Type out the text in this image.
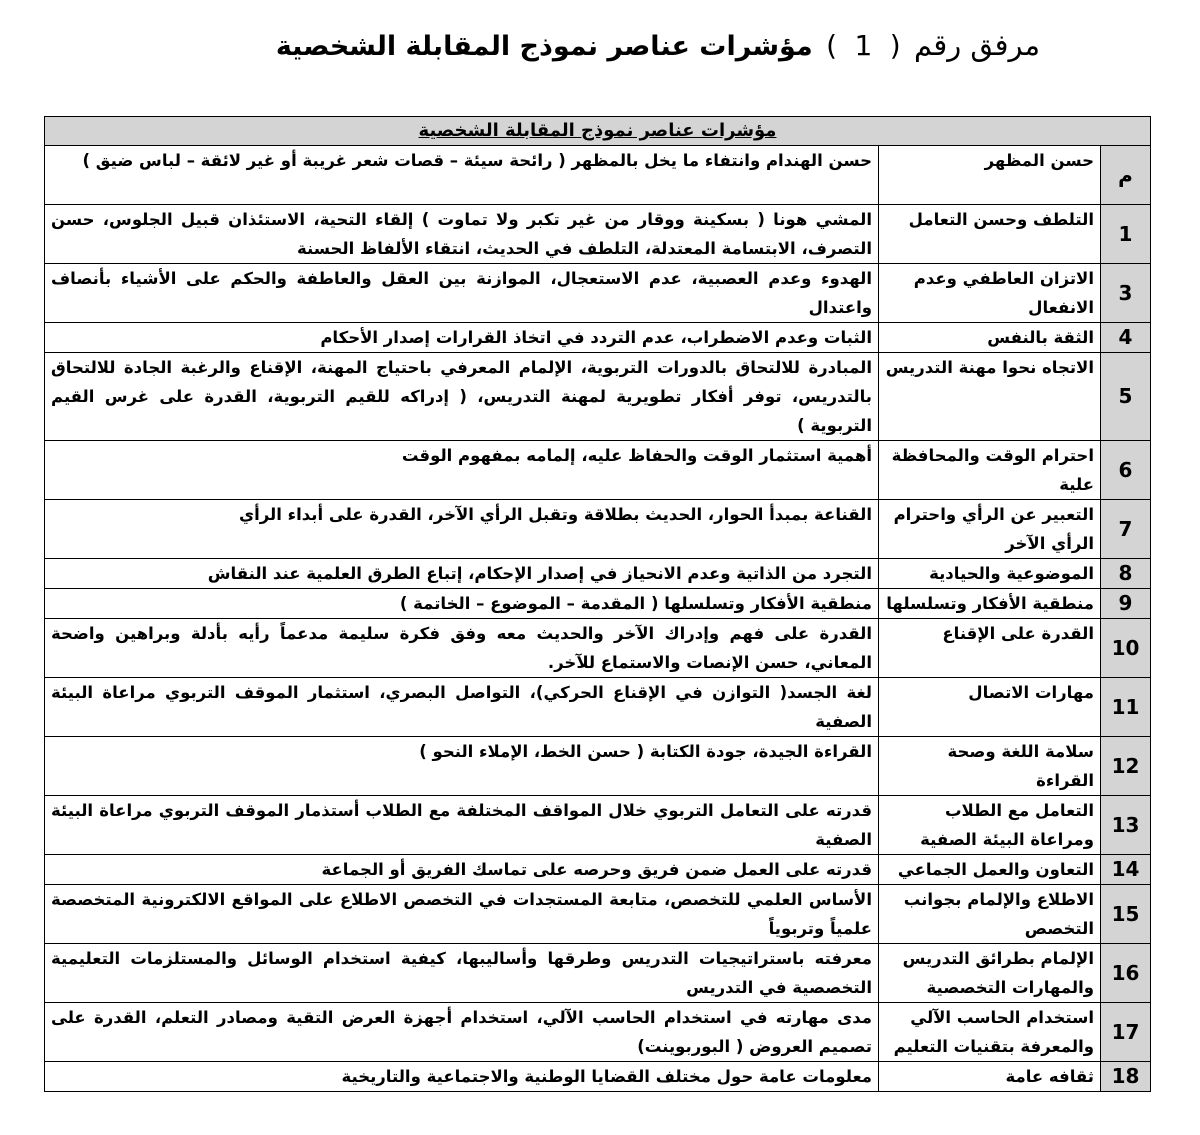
مرفق رقم ( 1 ) مؤشرات عناصر نموذج المقابلة الشخصية
مؤشرات عناصر نموذج المقابلة الشخصية		
م	حسن المظهر	حسن الهندام وانتفاء ما يخل بالمظهر ( رائحة سيئة – قصات شعر غريبة أو غير لائقة – لباس ضيق )
1	التلطف وحسن التعامل	المشي هونا ( بسكينة ووقار من غير تكبر ولا تماوت ) إلقاء التحية، الاستئذان قبيل الجلوس، حسن التصرف، الابتسامة المعتدلة، التلطف في الحديث، انتقاء الألفاظ الحسنة
3	الاتزان العاطفي وعدم الانفعال	الهدوء وعدم العصبية، عدم الاستعجال، الموازنة بين العقل والعاطفة والحكم على الأشياء بأنصاف واعتدال
4	الثقة بالنفس	الثبات وعدم الاضطراب، عدم التردد في اتخاذ القرارات إصدار الأحكام
5	الاتجاه نحوا مهنة التدريس	المبادرة للالتحاق بالدورات التربوية، الإلمام المعرفي باحتياج المهنة، الإقناع والرغبة الجادة للالتحاق بالتدريس، توفر أفكار تطويرية لمهنة التدريس، ( إدراكه للقيم التربوية، القدرة على غرس القيم التربوية )
6	احترام الوقت والمحافظة علية	أهمية استثمار الوقت والحفاظ عليه، إلمامه بمفهوم الوقت
7	التعبير عن الرأي واحترام الرأي الآخر	القناعة بمبدأ الحوار، الحديث بطلاقة وتقبل الرأي الآخر، القدرة على أبداء الرأي
8	الموضوعية والحيادية	التجرد من الذاتية وعدم الانحياز في إصدار الإحكام، إتباع الطرق العلمية عند النقاش
9	منطقية الأفكار وتسلسلها	منطقية الأفكار وتسلسلها ( المقدمة – الموضوع – الخاتمة )
10	القدرة على الإقناع	القدرة على فهم وإدراك الآخر والحديث معه وفق فكرة سليمة مدعماً رأيه بأدلة وبراهين واضحة المعاني، حسن الإنصات والاستماع للآخر.
11	مهارات الاتصال	لغة الجسد( التوازن في الإقناع الحركي)، التواصل البصري، استثمار الموقف التربوي مراعاة البيئة الصفية
12	سلامة اللغة وصحة القراءة	القراءة الجيدة، جودة الكتابة ( حسن الخط، الإملاء النحو )
13	التعامل مع الطلاب ومراعاة البيئة الصفية	قدرته على التعامل التربوي خلال المواقف المختلفة مع الطلاب أستذمار الموقف التربوي مراعاة البيئة الصفية
14	التعاون والعمل الجماعي	قدرته على العمل ضمن فريق وحرصه على تماسك الفريق أو الجماعة
15	الاطلاع والإلمام بجوانب التخصص	الأساس العلمي للتخصص، متابعة المستجدات في التخصص الاطلاع على المواقع الالكترونية المتخصصة علمياً وتربوياً
16	الإلمام بطرائق التدريس والمهارات التخصصية	معرفته باستراتيجيات التدريس وطرقها وأساليبها، كيفية استخدام الوسائل والمستلزمات التعليمية التخصصية في التدريس
17	استخدام الحاسب الآلي والمعرفة بتقنيات التعليم	مدى مهارته في استخدام الحاسب الآلي، استخدام أجهزة العرض التقية ومصادر التعلم، القدرة على تصميم العروض ( البوربوينت)
18	ثقافه عامة	معلومات عامة حول مختلف القضايا الوطنية والاجتماعية والتاريخية
